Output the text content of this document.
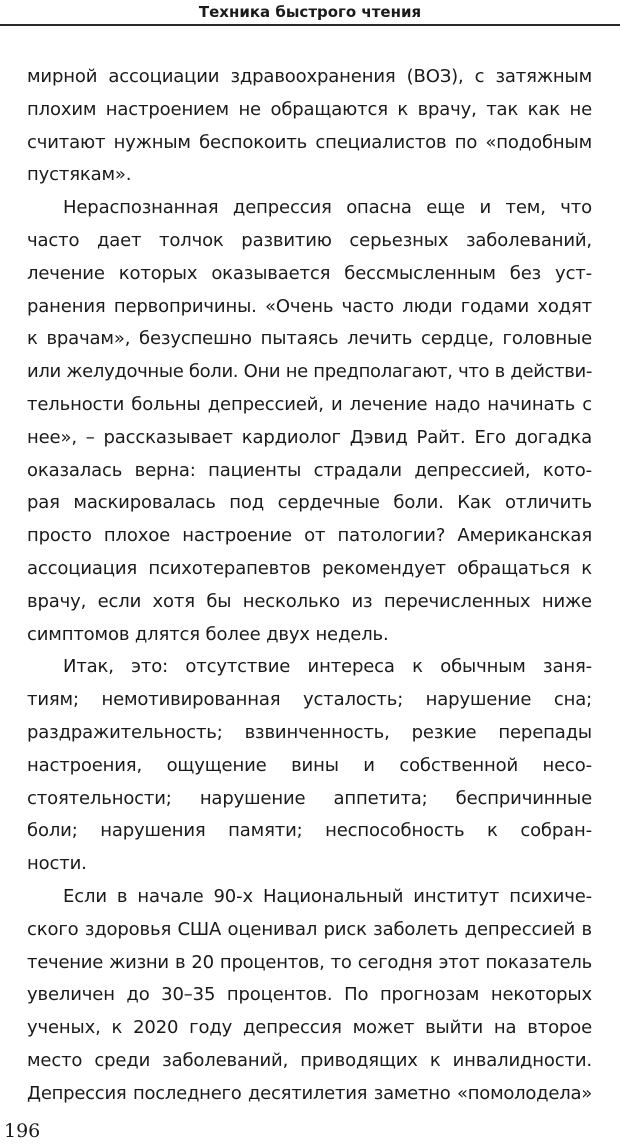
Техника быстрого чтения
мирной ассоциации здравоохранения (ВОЗ), с затяжным
плохим настроением не обращаются к врачу, так как не
считают нужным беспокоить специалистов по «подобным
пустякам».
Нераспознанная депрессия опасна еще и тем, что
часто дает толчок развитию серьезных заболеваний,
лечение которых оказывается бессмысленным без уст-
ранения первопричины. «Очень часто люди годами ходят
к врачам», безуспешно пытаясь лечить сердце, головные
или желудочные боли. Они не предполагают, что в действи-
тельности больны депрессией, и лечение надо начинать с
нее», – рассказывает кардиолог Дэвид Райт. Его догадка
оказалась верна: пациенты страдали депрессией, кото-
рая маскировалась под сердечные боли. Как отличить
просто плохое настроение от патологии? Американская
ассоциация психотерапевтов рекомендует обращаться к
врачу, если хотя бы несколько из перечисленных ниже
симптомов длятся более двух недель.
Итак, это: отсутствие интереса к обычным заня-
тиям; немотивированная усталость; нарушение сна;
раздражительность; взвинченность, резкие перепады
настроения, ощущение вины и собственной несо-
стоятельности; нарушение аппетита; беспричинные
боли; нарушения памяти; неспособность к собран-
ности.
Если в начале 90-х Национальный институт психиче-
ского здоровья США оценивал риск заболеть депрессией в
течение жизни в 20 процентов, то сегодня этот показатель
увеличен до 30–35 процентов. По прогнозам некоторых
ученых, к 2020 году депрессия может выйти на второе
место среди заболеваний, приводящих к инвалидности.
Депрессия последнего десятилетия заметно «помолодела»
196
